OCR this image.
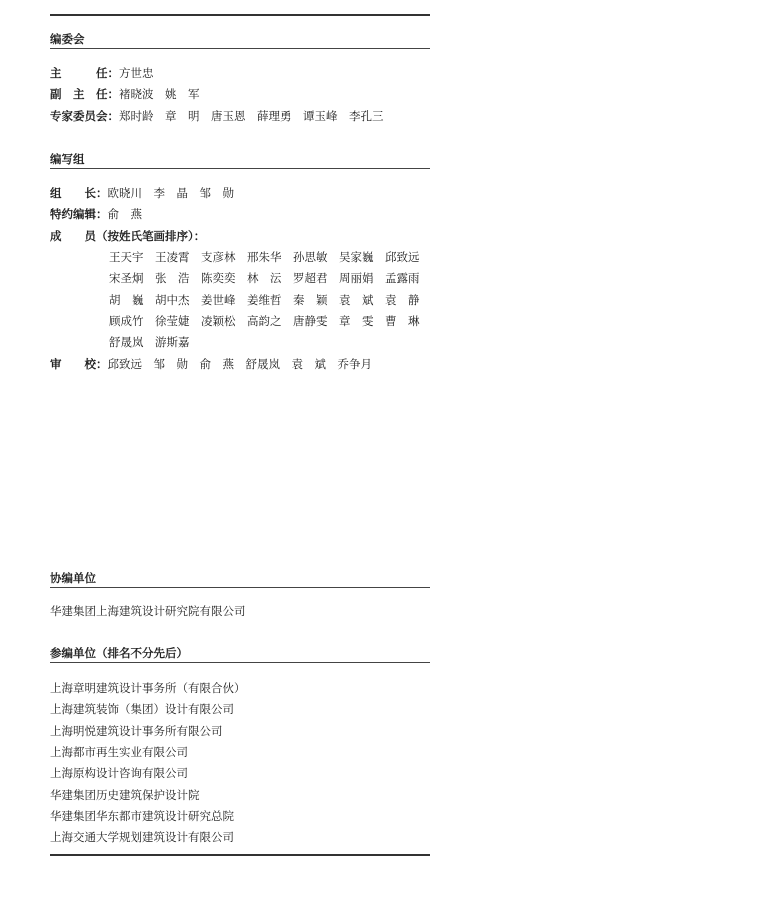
编委会
主　　　任：方世忠
副　主　任：褚晓波　姚　军
专家委员会：郑时龄　章　明　唐玉恩　薛理勇　谭玉峰　李孔三
编写组
组　　长：欧晓川　李　晶　邹　勋
特约编辑：俞　燕
成　　员（按姓氏笔画排序）：
王天宇　王凌霄　支彦林　邢朱华　孙思敏　吴家巍　邱致远
宋圣炯　张　浩　陈奕奕　林　沄　罗超君　周丽娟　孟露雨
胡　巍　胡中杰　姜世峰　姜维哲　秦　颖　袁　斌　袁　静
顾成竹　徐莹婕　凌颖松　高韵之　唐静雯　章　雯　曹　琳
舒晟岚　游斯嘉
审　　校：邱致远　邹　勋　俞　燕　舒晟岚　袁　斌　乔争月
协编单位
华建集团上海建筑设计研究院有限公司
参编单位（排名不分先后）
上海章明建筑设计事务所（有限合伙）
上海建筑装饰（集团）设计有限公司
上海明悦建筑设计事务所有限公司
上海都市再生实业有限公司
上海原构设计咨询有限公司
华建集团历史建筑保护设计院
华建集团华东都市建筑设计研究总院
上海交通大学规划建筑设计有限公司
